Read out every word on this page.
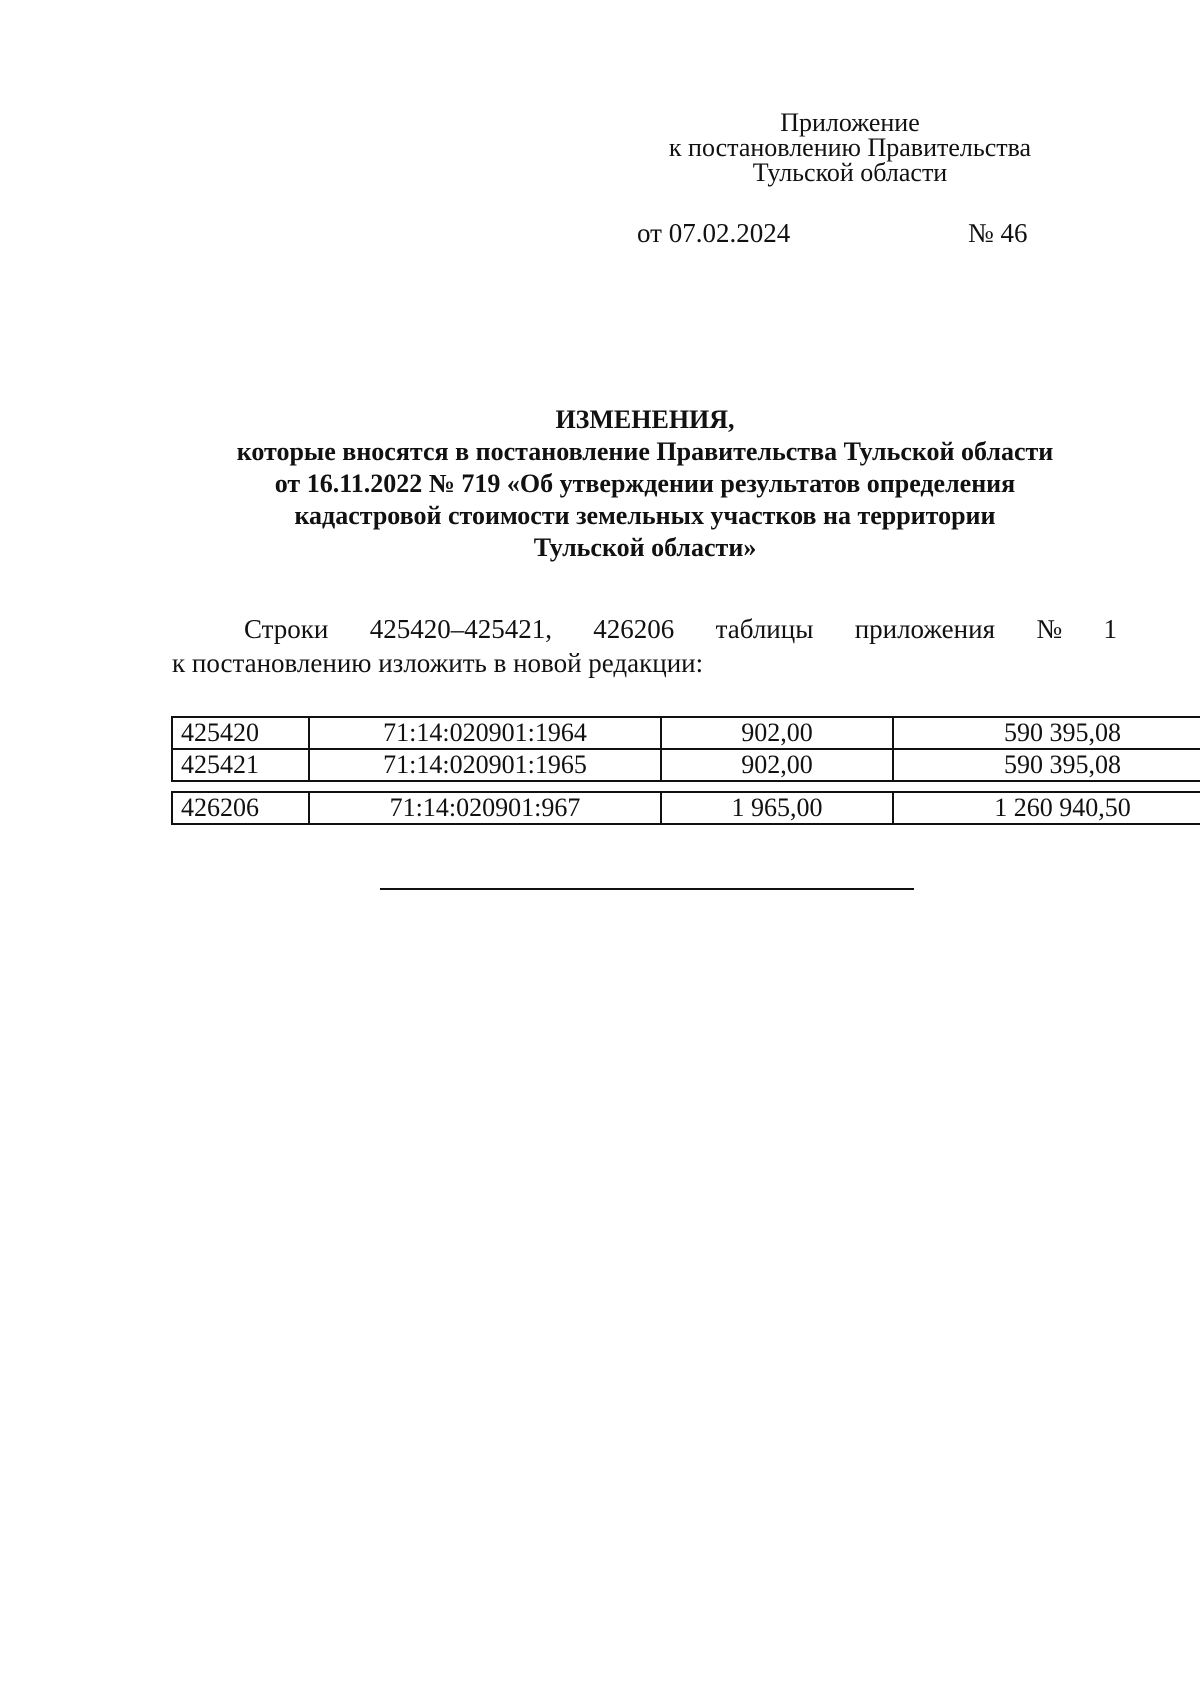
Приложение
к постановлению Правительства
Тульской области
от 07.02.2024	№ 46
ИЗМЕНЕНИЯ,
которые вносятся в постановление Правительства Тульской области
от 16.11.2022 № 719 «Об утверждении результатов определения
кадастровой стоимости земельных участков на территории
Тульской области»
Строки 425420–425421, 426206 таблицы приложения № 1
к постановлению изложить в новой редакции:
425420	71:14:020901:1964	902,00	590 395,08
425421	71:14:020901:1965	902,00	590 395,08
426206	71:14:020901:967	1 965,00	1 260 940,50
